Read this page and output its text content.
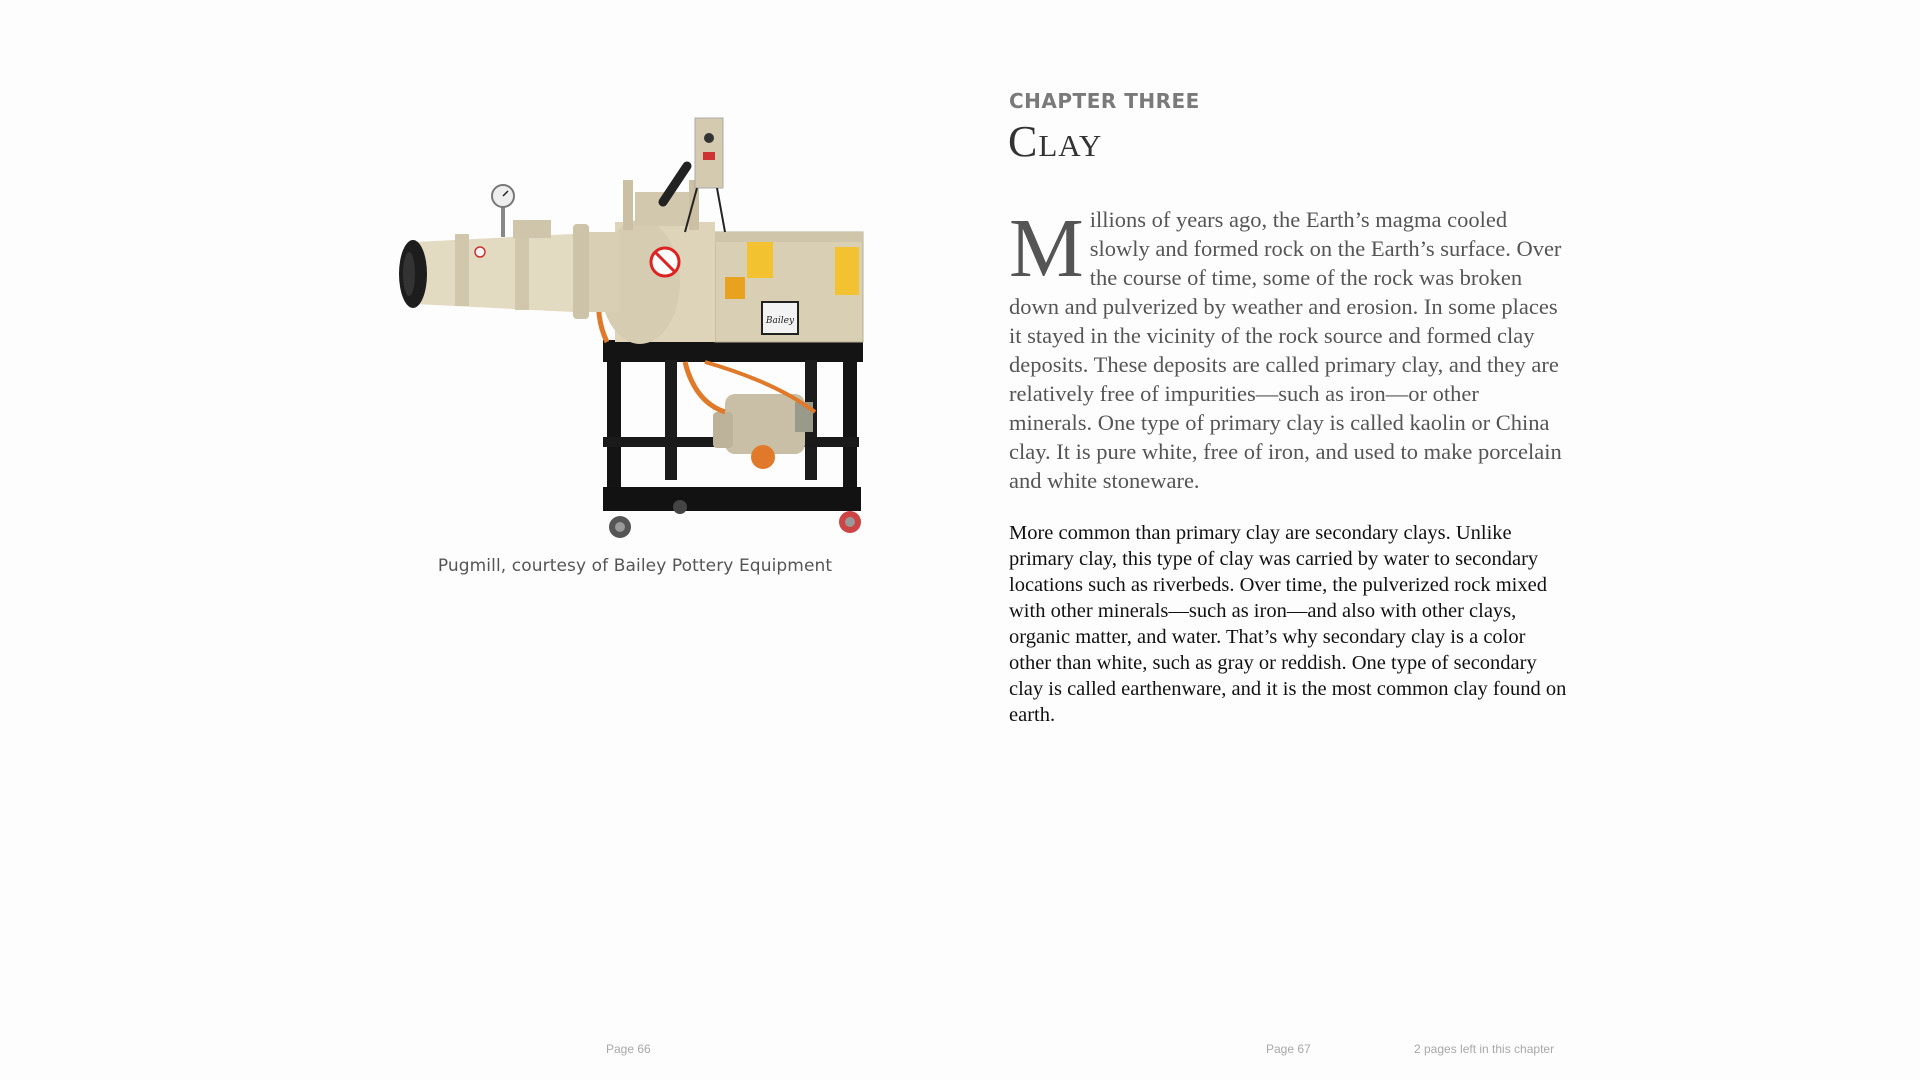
Bailey
Pugmill, courtesy of Bailey Pottery Equipment
CHAPTER THREE
Clay

Millions of years ago, the Earth’s magma cooled slowly and formed rock on the Earth’s surface. Over the course of time, some of the rock was broken down and pulverized by weather and erosion. In some places it stayed in the vicinity of the rock source and formed clay deposits. These deposits are called primary clay, and they are relatively free of impurities—such as iron—or other minerals. One type of primary clay is called kaolin or China clay. It is pure white, free of iron, and used to make porcelain and white stoneware.

More common than primary clay are secondary clays. Unlike primary clay, this type of clay was carried by water to secondary locations such as riverbeds. Over time, the pulverized rock mixed with other minerals—such as iron—and also with other clays, organic matter, and water. That’s why secondary clay is a color other than white, such as gray or reddish. One type of secondary clay is called earthenware, and it is the most common clay found on earth.

Page 66	Page 67	2 pages left in this chapter
